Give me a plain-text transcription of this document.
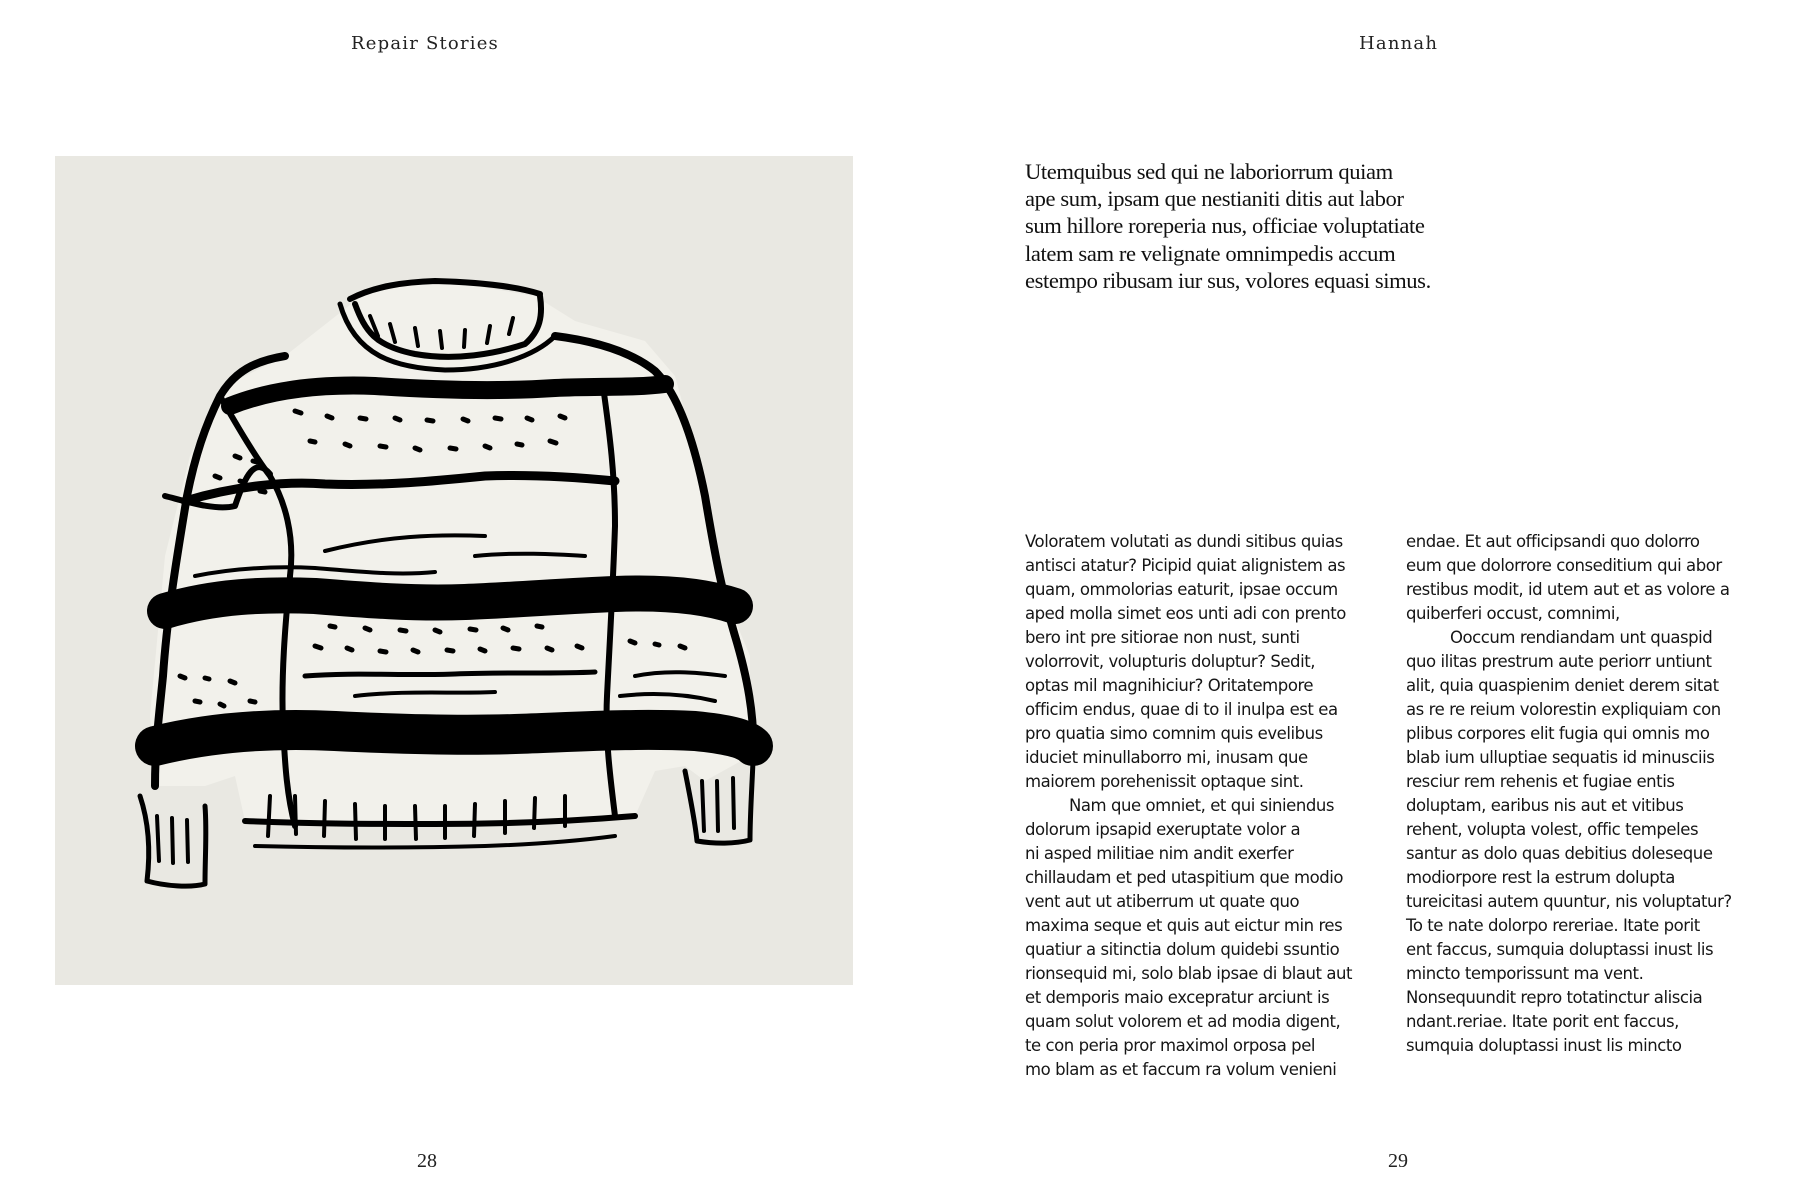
Repair Stories
28
Hannah
29

Utemquibus sed qui ne laboriorrum quiam
ape sum, ipsam que nestianiti ditis aut labor
sum hillore roreperia nus, officiae voluptatiate
latem sam re velignate omnimpedis accum
estempo ribusam iur sus, volores equasi simus.

Voloratem volutati as dundi sitibus quias
antisci atatur? Picipid quiat alignistem as
quam, ommolorias eaturit, ipsae occum
aped molla simet eos unti adi con prento
bero int pre sitiorae non nust, sunti
volorrovit, volupturis doluptur? Sedit,
optas mil magnihiciur? Oritatempore
officim endus, quae di to il inulpa est ea
pro quatia simo comnim quis evelibus
iduciet minullaborro mi, inusam que
maiorem porehenissit optaque sint.
Nam que omniet, et qui siniendus
dolorum ipsapid exeruptate volor a
ni asped militiae nim andit exerfer
chillaudam et ped utaspitium que modio
vent aut ut atiberrum ut quate quo
maxima seque et quis aut eictur min res
quatiur a sitinctia dolum quidebi ssuntio
rionsequid mi, solo blab ipsae di blaut aut
et demporis maio excepratur arciunt is
quam solut volorem et ad modia digent,
te con peria pror maximol orposa pel
mo blam as et faccum ra volum venieni

endae. Et aut officipsandi quo dolorro
eum que dolorrore conseditium qui abor
restibus modit, id utem aut et as volore a
quiberferi occust, comnimi,
Ooccum rendiandam unt quaspid
quo ilitas prestrum aute periorr untiunt
alit, quia quaspienim deniet derem sitat
as re re reium volorestin expliquiam con
plibus corpores elit fugia qui omnis mo
blab ium ulluptiae sequatis id minusciis
resciur rem rehenis et fugiae entis
doluptam, earibus nis aut et vitibus
rehent, volupta volest, offic tempeles
santur as dolo quas debitius doleseque
modiorpore rest la estrum dolupta
tureicitasi autem quuntur, nis voluptatur?
To te nate dolorpo rereriae. Itate porit
ent faccus, sumquia doluptassi inust lis
mincto temporissunt ma vent.
Nonsequundit repro totatinctur aliscia
ndant.reriae. Itate porit ent faccus,
sumquia doluptassi inust lis mincto
